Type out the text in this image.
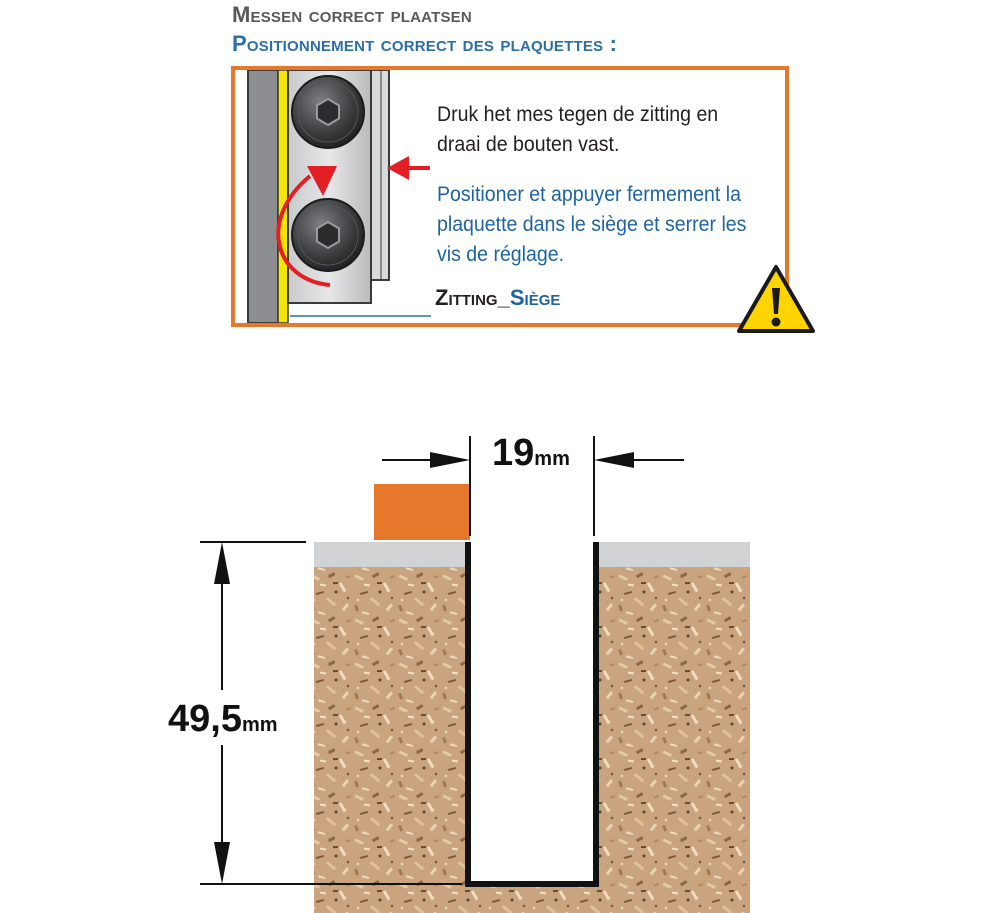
Messen correct plaatsen
Positionnement correct des plaquettes :

Druk het mes tegen de zitting en draai de bouten vast.

Positioner et appuyer fermement la plaquette dans le siège et serrer les vis de réglage.

Zitting_Siège

19mm

49,5mm
